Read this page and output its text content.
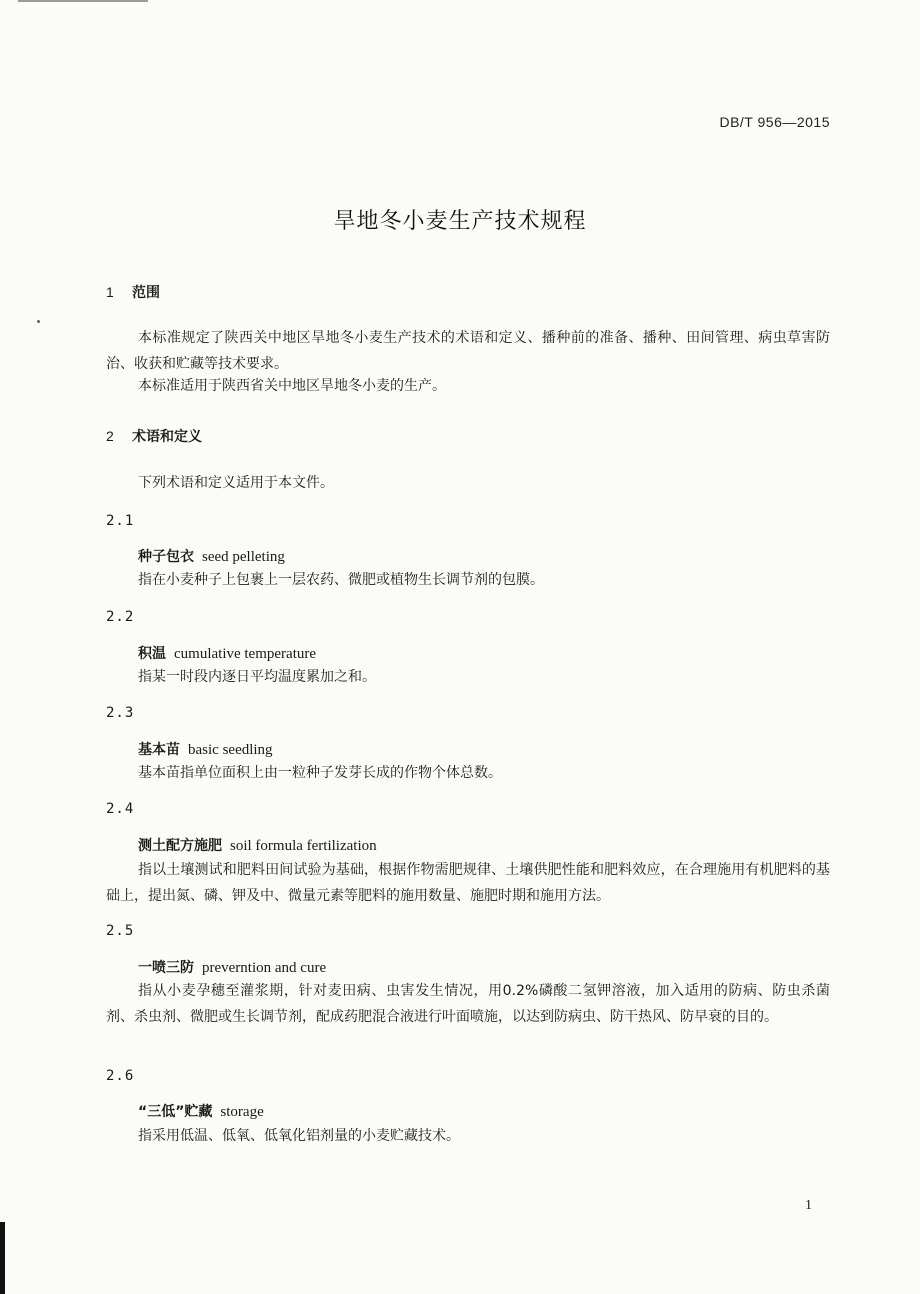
DB/T 956—2015
旱地冬小麦生产技术规程
1 范围

本标准规定了陕西关中地区旱地冬小麦生产技术的术语和定义、播种前的准备、播种、田间管理、病虫草害防治、收获和贮藏等技术要求。

本标准适用于陕西省关中地区旱地冬小麦的生产。

2 术语和定义

下列术语和定义适用于本文件。

2.1
种子包衣 seed pelleting

指在小麦种子上包裹上一层农药、微肥或植物生长调节剂的包膜。

2.2
积温 cumulative temperature

指某一时段内逐日平均温度累加之和。

2.3
基本苗 basic seedling

基本苗指单位面积上由一粒种子发芽长成的作物个体总数。

2.4
测土配方施肥 soil formula fertilization

指以土壤测试和肥料田间试验为基础，根据作物需肥规律、土壤供肥性能和肥料效应，在合理施用有机肥料的基础上，提出氮、磷、钾及中、微量元素等肥料的施用数量、施肥时期和施用方法。

2.5
一喷三防 preverntion and cure

指从小麦孕穗至灌浆期，针对麦田病、虫害发生情况，用0.2%磷酸二氢钾溶液，加入适用的防病、防虫杀菌剂、杀虫剂、微肥或生长调节剂，配成药肥混合液进行叶面喷施，以达到防病虫、防干热风、防早衰的目的。

2.6
“三低”贮藏 storage

指采用低温、低氧、低氧化铝剂量的小麦贮藏技术。

1
